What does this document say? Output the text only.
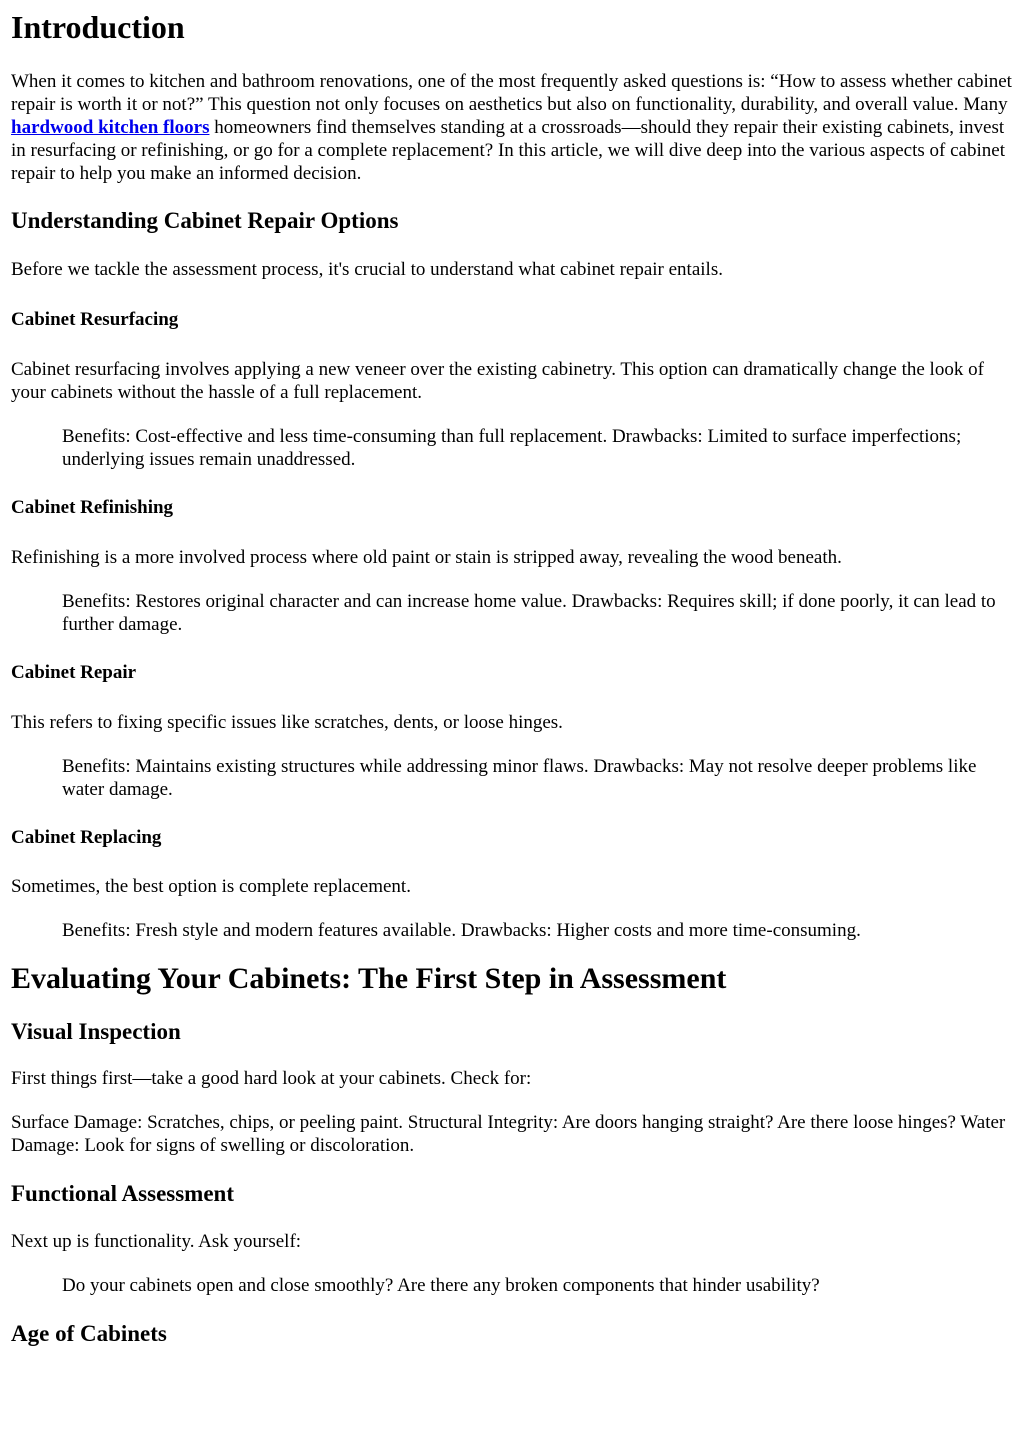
Introduction

When it comes to kitchen and bathroom renovations, one of the most frequently asked questions is: “How to assess whether cabinet repair is worth it or not?” This question not only focuses on aesthetics but also on functionality, durability, and overall value. Many hardwood kitchen floors homeowners find themselves standing at a crossroads—should they repair their existing cabinets, invest in resurfacing or refinishing, or go for a complete replacement? In this article, we will dive deep into the various aspects of cabinet repair to help you make an informed decision.

Understanding Cabinet Repair Options

Before we tackle the assessment process, it's crucial to understand what cabinet repair entails.

Cabinet Resurfacing

Cabinet resurfacing involves applying a new veneer over the existing cabinetry. This option can dramatically change the look of your cabinets without the hassle of a full replacement.

Benefits: Cost-effective and less time-consuming than full replacement. Drawbacks: Limited to surface imperfections; underlying issues remain unaddressed.
Cabinet Refinishing

Refinishing is a more involved process where old paint or stain is stripped away, revealing the wood beneath.

Benefits: Restores original character and can increase home value. Drawbacks: Requires skill; if done poorly, it can lead to further damage.
Cabinet Repair

This refers to fixing specific issues like scratches, dents, or loose hinges.

Benefits: Maintains existing structures while addressing minor flaws. Drawbacks: May not resolve deeper problems like water damage.
Cabinet Replacing

Sometimes, the best option is complete replacement.

Benefits: Fresh style and modern features available. Drawbacks: Higher costs and more time-consuming.
Evaluating Your Cabinets: The First Step in Assessment
Visual Inspection

First things first—take a good hard look at your cabinets. Check for:

Surface Damage: Scratches, chips, or peeling paint. Structural Integrity: Are doors hanging straight? Are there loose hinges? Water Damage: Look for signs of swelling or discoloration.

Functional Assessment

Next up is functionality. Ask yourself:

Do your cabinets open and close smoothly? Are there any broken components that hinder usability?
Age of Cabinets
